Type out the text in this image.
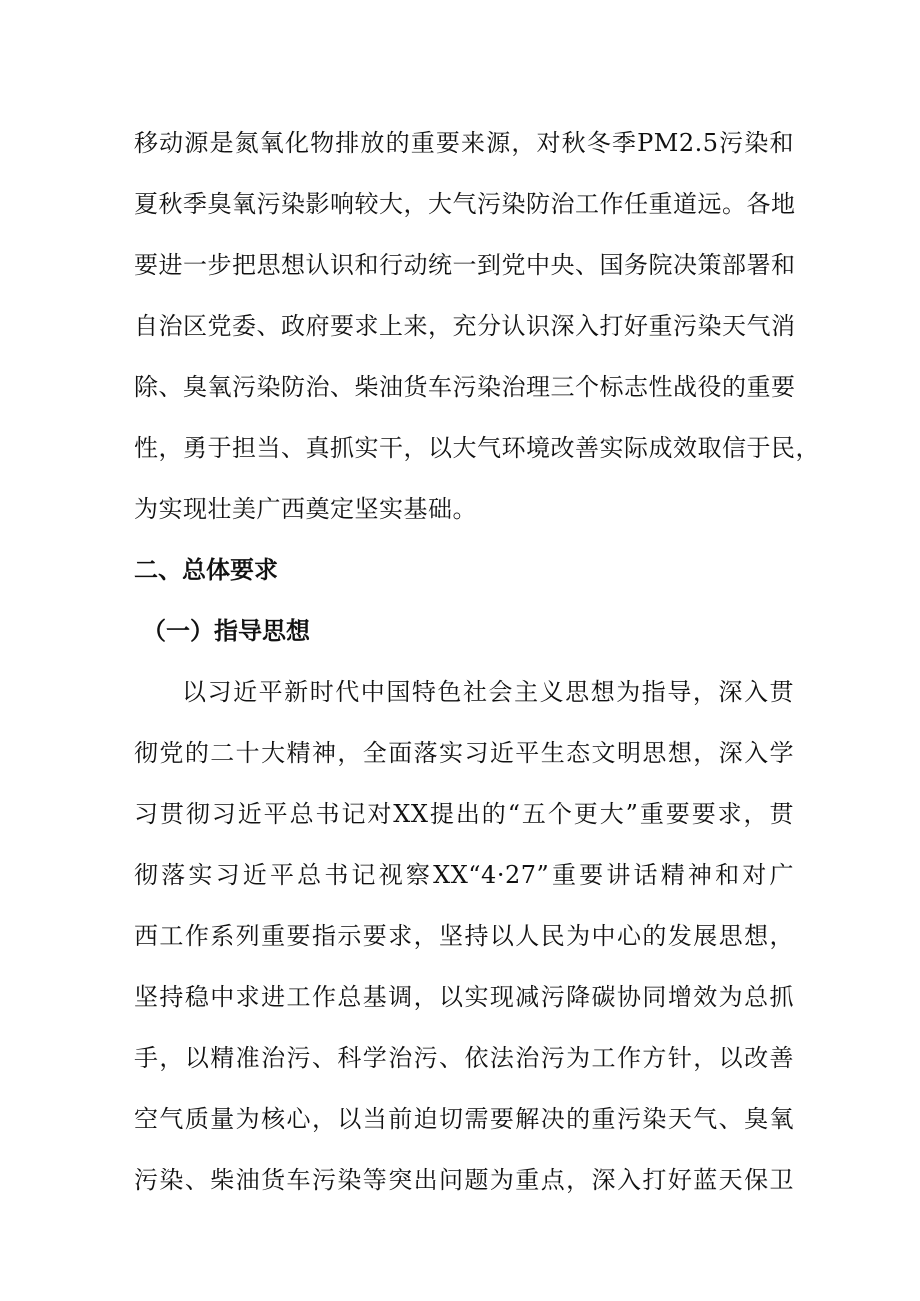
移动源是氮氧化物排放的重要来源，对秋冬季PM2.5污染和
夏秋季臭氧污染影响较大，大气污染防治工作任重道远。各地
要进一步把思想认识和行动统一到党中央、国务院决策部署和
自治区党委、政府要求上来，充分认识深入打好重污染天气消
除、臭氧污染防治、柴油货车污染治理三个标志性战役的重要
性，勇于担当、真抓实干，以大气环境改善实际成效取信于民，
为实现壮美广西奠定坚实基础。
二、总体要求
（一）指导思想
以习近平新时代中国特色社会主义思想为指导，深入贯
彻党的二十大精神，全面落实习近平生态文明思想，深入学
习贯彻习近平总书记对XX提出的“五个更大”重要要求，贯
彻落实习近平总书记视察XX“4·27”重要讲话精神和对广
西工作系列重要指示要求，坚持以人民为中心的发展思想，
坚持稳中求进工作总基调，以实现减污降碳协同增效为总抓
手，以精准治污、科学治污、依法治污为工作方针，以改善
空气质量为核心，以当前迫切需要解决的重污染天气、臭氧
污染、柴油货车污染等突出问题为重点，深入打好蓝天保卫
